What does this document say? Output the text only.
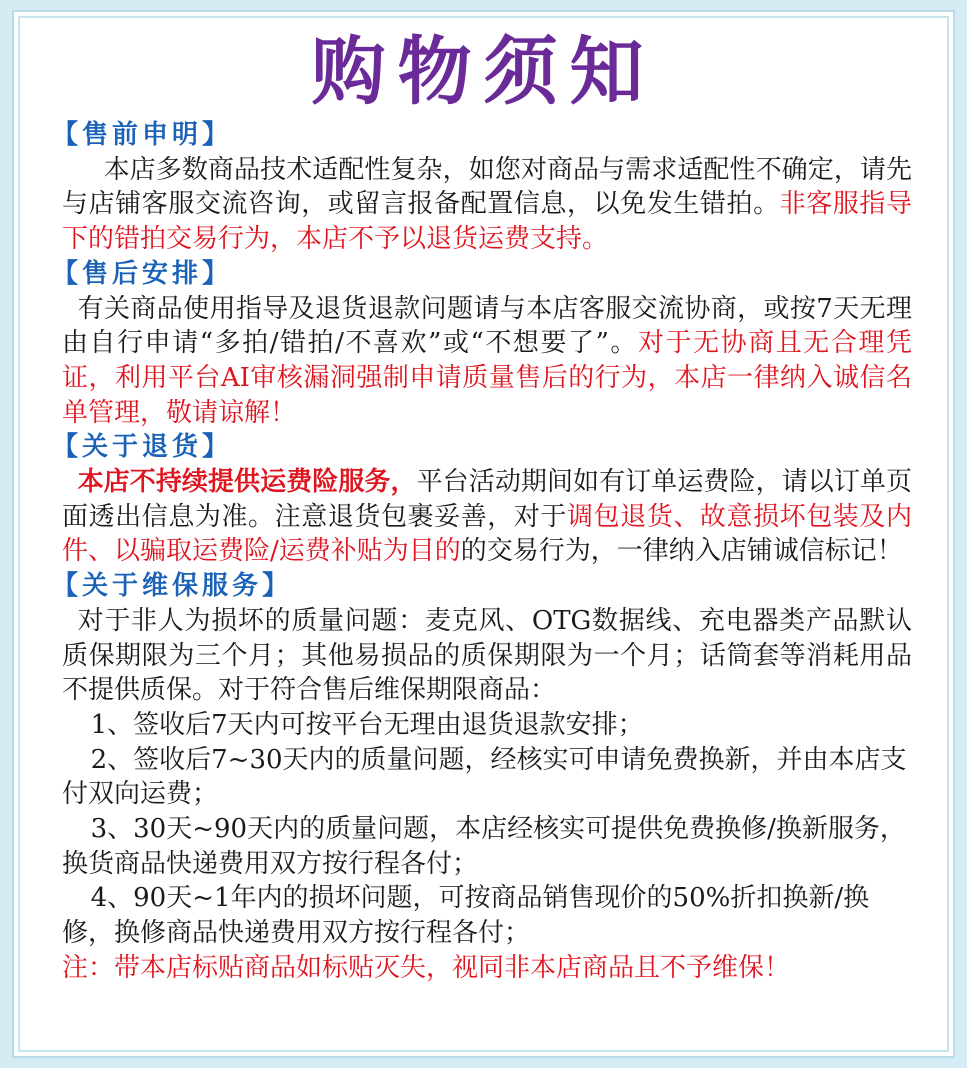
购物须知
【售前申明】

本店多数商品技术适配性复杂，如您对商品与需求适配性不确定，请先与店铺客服交流咨询，或留言报备配置信息，以免发生错拍。非客服指导下的错拍交易行为，本店不予以退货运费支持。

【售后安排】

有关商品使用指导及退货退款问题请与本店客服交流协商，或按7天无理由自行申请“多拍/错拍/不喜欢”或“不想要了”。对于无协商且无合理凭证，利用平台AI审核漏洞强制申请质量售后的行为，本店一律纳入诚信名单管理，敬请谅解！

【关于退货】

本店不持续提供运费险服务，平台活动期间如有订单运费险，请以订单页面透出信息为准。注意退货包裹妥善，对于调包退货、故意损坏包装及内件、以骗取运费险/运费补贴为目的的交易行为，一律纳入店铺诚信标记！

【关于维保服务】

对于非人为损坏的质量问题：麦克风、OTG数据线、充电器类产品默认质保期限为三个月；其他易损品的质保期限为一个月；话筒套等消耗用品不提供质保。对于符合售后维保期限商品：

1、签收后7天内可按平台无理由退货退款安排；

2、签收后7~30天内的质量问题，经核实可申请免费换新，并由本店支付双向运费；

3、30天~90天内的质量问题，本店经核实可提供免费换修/换新服务，换货商品快递费用双方按行程各付；

4、90天~1年内的损坏问题，可按商品销售现价的50%折扣换新/换修，换修商品快递费用双方按行程各付；

注：带本店标贴商品如标贴灭失，视同非本店商品且不予维保！
